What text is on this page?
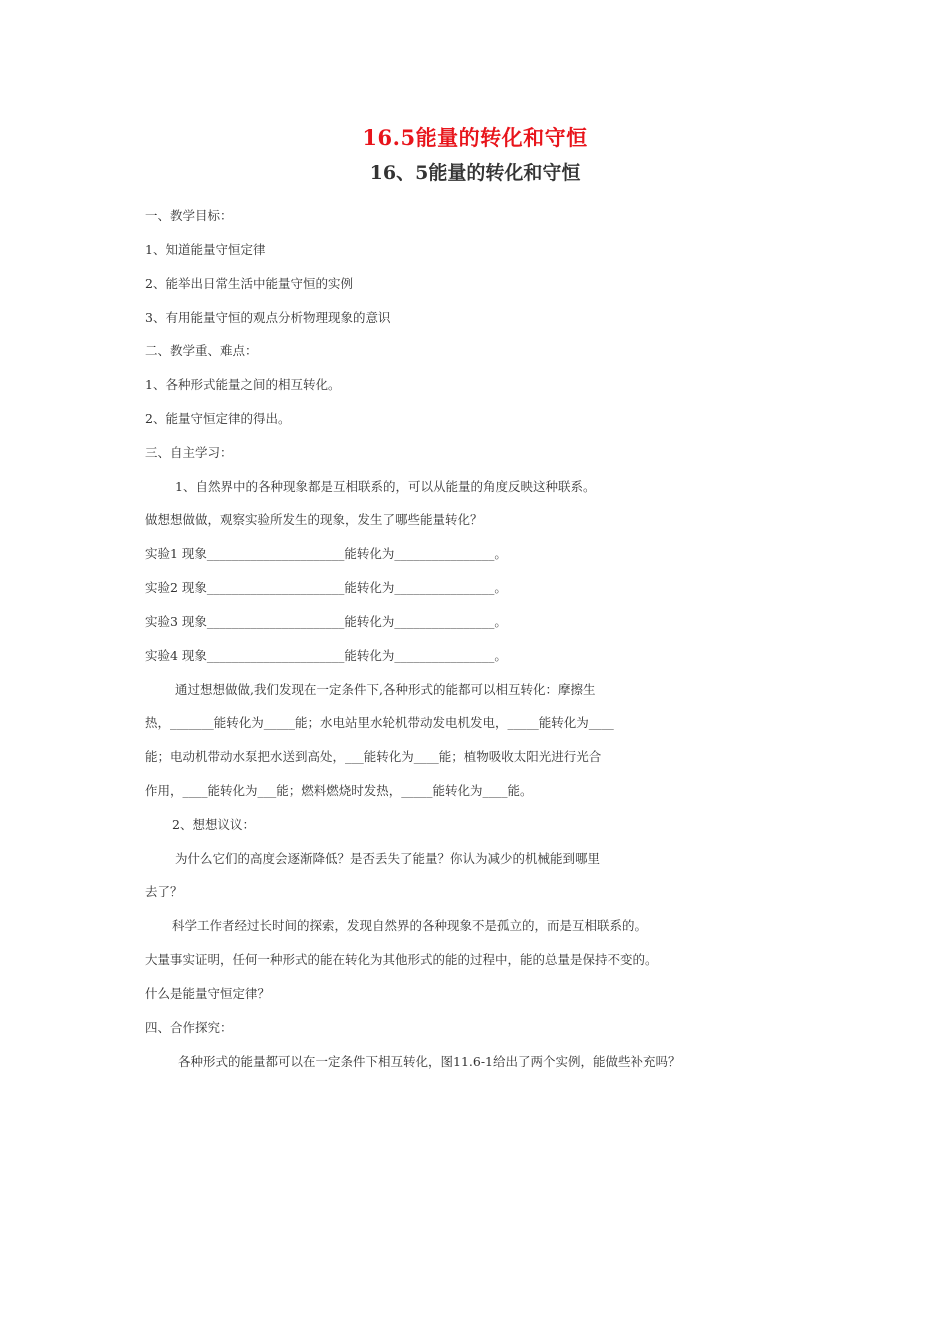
16.5能量的转化和守恒
16、5能量的转化和守恒
一、教学目标：
1、知道能量守恒定律
2、能举出日常生活中能量守恒的实例
3、有用能量守恒的观点分析物理现象的意识
二、教学重、难点：
1、各种形式能量之间的相互转化。
2、能量守恒定律的得出。
三、自主学习：
1、自然界中的各种现象都是互相联系的，可以从能量的角度反映这种联系。
做想想做做，观察实验所发生的现象，发生了哪些能量转化？
实验1 现象______________________能转化为________________。
实验2 现象______________________能转化为________________。
实验3 现象______________________能转化为________________。
实验4 现象______________________能转化为________________。
通过想想做做,我们发现在一定条件下,各种形式的能都可以相互转化：摩擦生
热，_______能转化为_____能；水电站里水轮机带动发电机发电，_____能转化为____
能；电动机带动水泵把水送到高处，___能转化为____能；植物吸收太阳光进行光合
作用，____能转化为___能；燃料燃烧时发热，_____能转化为____能。
2、想想议议：
为什么它们的高度会逐渐降低？是否丢失了能量？你认为减少的机械能到哪里
去了？
科学工作者经过长时间的探索，发现自然界的各种现象不是孤立的，而是互相联系的。
大量事实证明，任何一种形式的能在转化为其他形式的能的过程中，能的总量是保持不变的。
什么是能量守恒定律？
四、合作探究：
各种形式的能量都可以在一定条件下相互转化，图11.6-1给出了两个实例，能做些补充吗？
